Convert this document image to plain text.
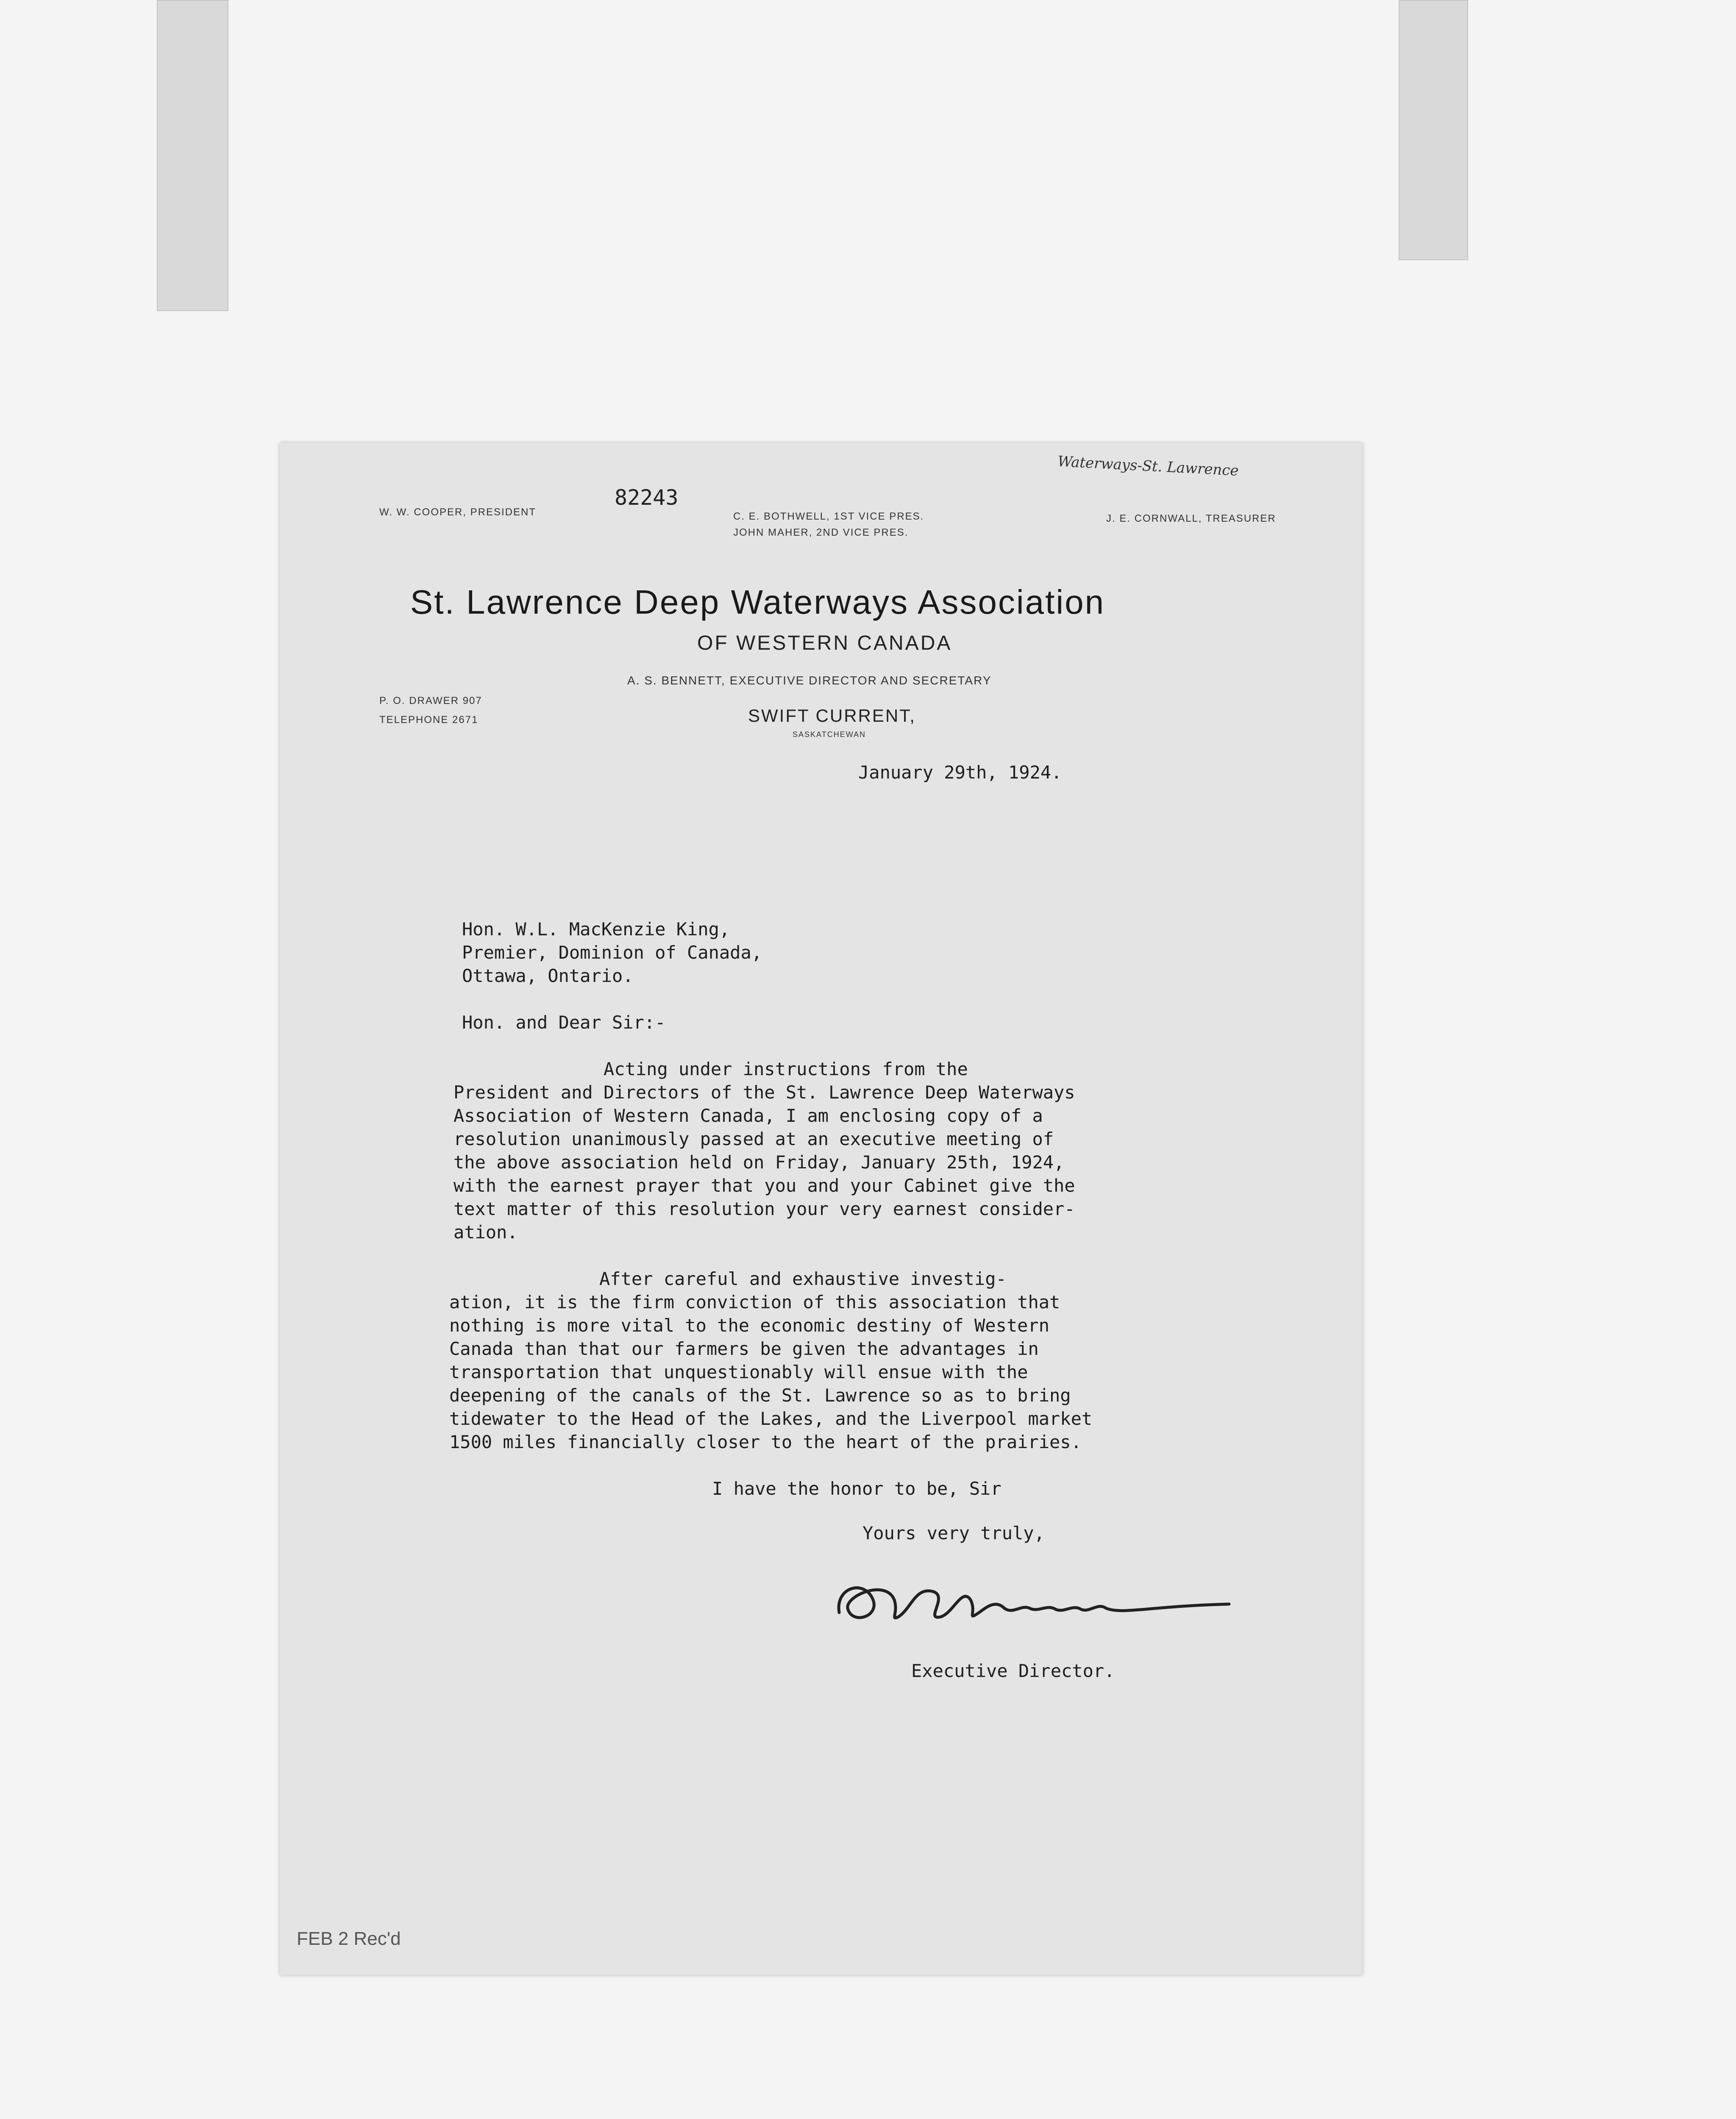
W. W. COOPER, PRESIDENT
82243
C. E. BOTHWELL, 1ST VICE PRES.
JOHN MAHER, 2ND VICE PRES.
J. E. CORNWALL, TREASURER
Waterways-St. Lawrence
St. Lawrence Deep Waterways Association
OF WESTERN CANADA
A. S. BENNETT, EXECUTIVE DIRECTOR AND SECRETARY
P. O. DRAWER 907
TELEPHONE 2671	SWIFT CURRENT,
SASKATCHEWAN
January 29th, 1924.
Hon. W.L. MacKenzie King,
Premier, Dominion of Canada,
Ottawa, Ontario.
Hon. and Dear Sir:-
Acting under instructions from the
President and Directors of the St. Lawrence Deep Waterways
Association of Western Canada, I am enclosing copy of a
resolution unanimously passed at an executive meeting of
the above association held on Friday, January 25th, 1924,
with the earnest prayer that you and your Cabinet give the
text matter of this resolution your very earnest consider-
ation.
After careful and exhaustive investig-
ation, it is the firm conviction of this association that
nothing is more vital to the economic destiny of Western
Canada than that our farmers be given the advantages in
transportation that unquestionably will ensue with the
deepening of the canals of the St. Lawrence so as to bring
tidewater to the Head of the Lakes, and the Liverpool market
1500 miles financially closer to the heart of the prairies.
I have the honor to be, Sir
Yours very truly,
Executive Director.
FEB 2 Rec'd
